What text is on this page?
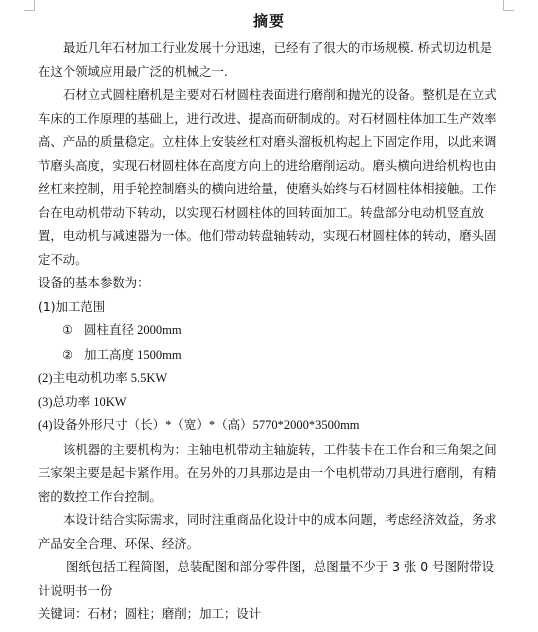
摘要

最近几年石材加工行业发展十分迅速，已经有了很大的市场规模. 桥式切边机是在这个领域应用最广泛的机械之一.

石材立式圆柱磨机是主要对石材圆柱表面进行磨削和抛光的设备。整机是在立式车床的工作原理的基础上，进行改进、提高而研制成的。对石材圆柱体加工生产效率高、产品的质量稳定。立柱体上安装丝杠对磨头溜板机构起上下固定作用，以此来调节磨头高度，实现石材圆柱体在高度方向上的进给磨削运动。磨头横向进给机构也由丝杠来控制，用手轮控制磨头的横向进给量，使磨头始终与石材圆柱体相接触。工作台在电动机带动下转动，以实现石材圆柱体的回转面加工。转盘部分电动机竖直放置，电动机与减速器为一体。他们带动转盘轴转动，实现石材圆柱体的转动，磨头固定不动。

设备的基本参数为：

(1)加工范围

① 圆柱直径 2000mm

② 加工高度 1500mm

(2)主电动机功率 5.5KW

(3)总功率 10KW

(4)设备外形尺寸（长）*（宽）*（高）5770*2000*3500mm

该机器的主要机构为：主轴电机带动主轴旋转，工件装卡在工作台和三角架之间三家架主要是起卡紧作用。在另外的刀具那边是由一个电机带动刀具进行磨削，有精密的数控工作台控制。

本设计结合实际需求，同时注重商品化设计中的成本问题，考虑经济效益，务求产品安全合理、环保、经济。

图纸包括工程简图，总装配图和部分零件图，总图量不少于 3 张 0 号图附带设计说明书一份

关键词：石材；圆柱；磨削；加工；设计
